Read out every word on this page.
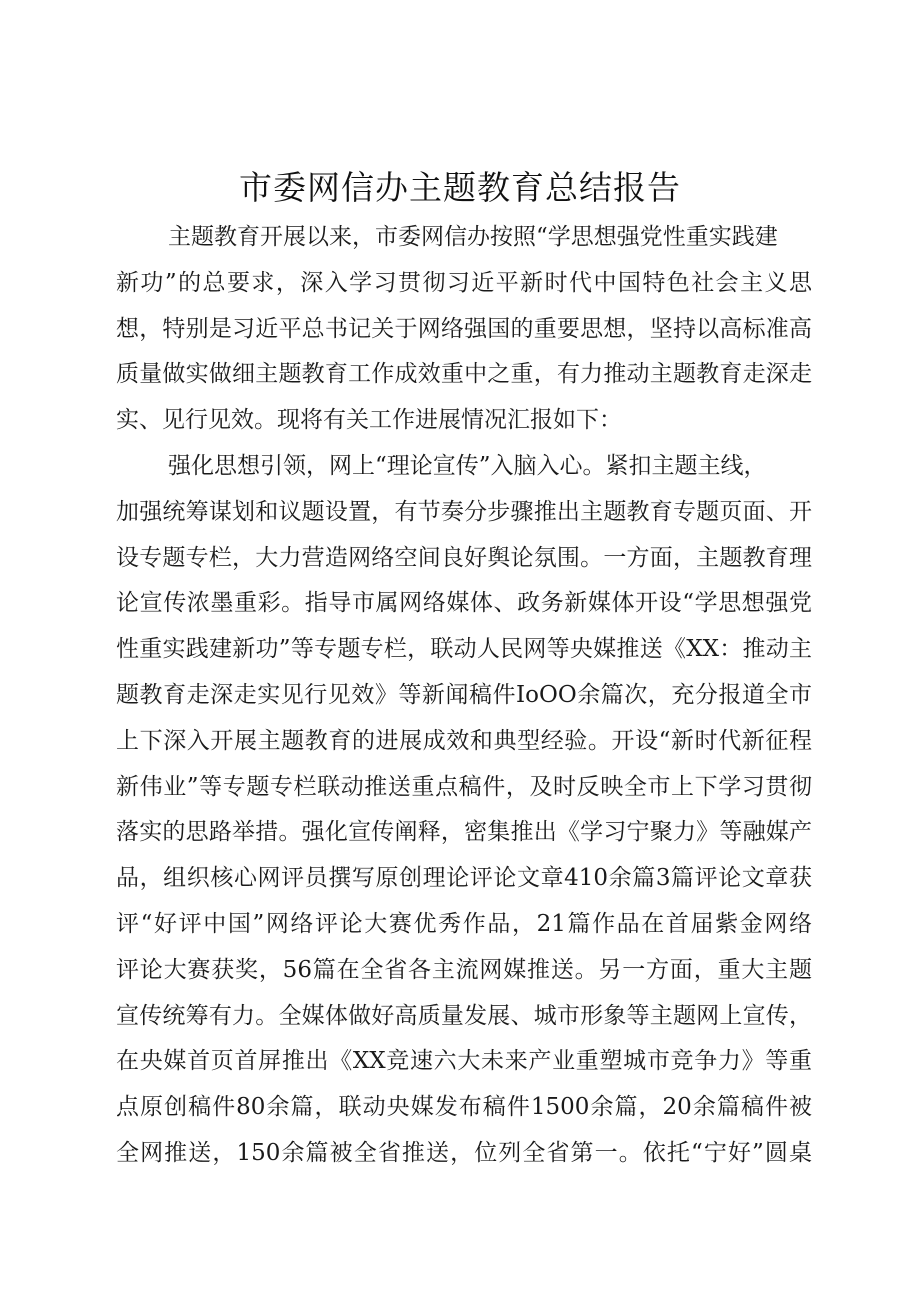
市委网信办主题教育总结报告
主题教育开展以来，市委网信办按照“学思想强党性重实践建
新功”的总要求，深入学习贯彻习近平新时代中国特色社会主义思
想，特别是习近平总书记关于网络强国的重要思想，坚持以高标准高
质量做实做细主题教育工作成效重中之重，有力推动主题教育走深走
实、见行见效。现将有关工作进展情况汇报如下：
强化思想引领，网上“理论宣传”入脑入心。紧扣主题主线，
加强统筹谋划和议题设置，有节奏分步骤推出主题教育专题页面、开
设专题专栏，大力营造网络空间良好舆论氛围。一方面，主题教育理
论宣传浓墨重彩。指导市属网络媒体、政务新媒体开设“学思想强党
性重实践建新功”等专题专栏，联动人民网等央媒推送《XX：推动主
题教育走深走实见行见效》等新闻稿件IoOO余篇次，充分报道全市
上下深入开展主题教育的进展成效和典型经验。开设“新时代新征程
新伟业”等专题专栏联动推送重点稿件，及时反映全市上下学习贯彻
落实的思路举措。强化宣传阐释，密集推出《学习宁聚力》等融媒产
品，组织核心网评员撰写原创理论评论文章410余篇3篇评论文章获
评“好评中国”网络评论大赛优秀作品，21篇作品在首届紫金网络
评论大赛获奖，56篇在全省各主流网媒推送。另一方面，重大主题
宣传统筹有力。全媒体做好高质量发展、城市形象等主题网上宣传，
在央媒首页首屏推出《XX竞速六大未来产业重塑城市竞争力》等重
点原创稿件80余篇，联动央媒发布稿件1500余篇，20余篇稿件被
全网推送，150余篇被全省推送，位列全省第一。依托“宁好”圆桌
